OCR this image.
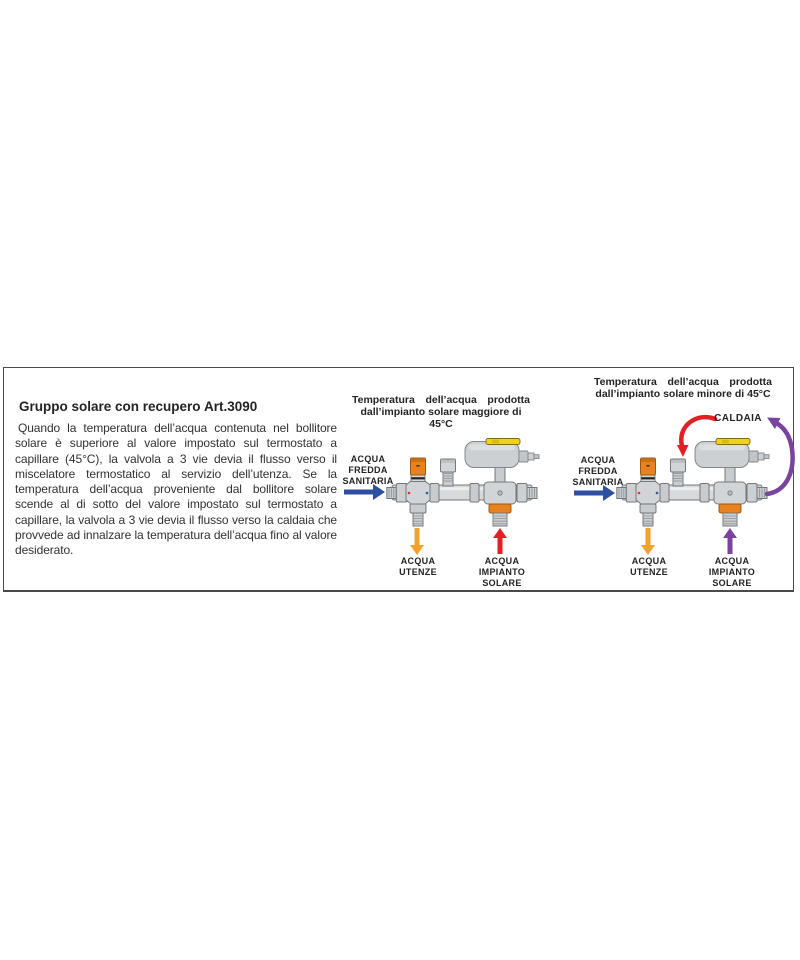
Gruppo solare con recupero Art.3090

Quando la temperatura dell’acqua contenuta nel bollitore solare è superiore al valore impostato sul termostato a capillare (45°C), la valvola a 3 vie devia il flusso verso il miscelatore termostatico al servizio dell’utenza. Se la temperatura dell’acqua proveniente dal bollitore solare scende al di sotto del valore impostato sul termostato a capillare, la valvola a 3 vie devia il flusso verso la caldaia che provvede ad innalzare la temperatura dell’acqua fino al valore desiderato.

Temperatura dell’acqua prodotta
dall’impianto solare maggiore di 45°C
ACQUA
FREDDA
SANITARIA
ACQUA
UTENZE
ACQUA
IMPIANTO
SOLARE
Temperatura dell’acqua prodotta
dall’impianto solare minore di 45°C
CALDAIA
ACQUA
FREDDA
SANITARIA
ACQUA
UTENZE
ACQUA
IMPIANTO
SOLARE
